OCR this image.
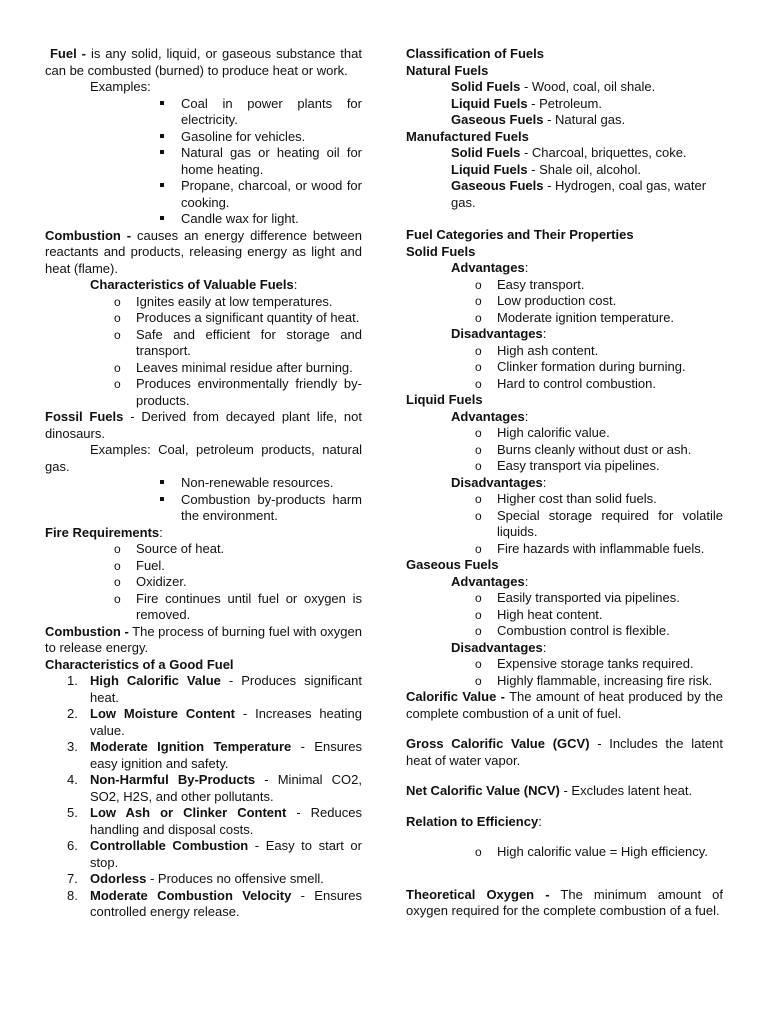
Fuel - is any solid, liquid, or gaseous substance that can be combusted (burned) to produce heat or work.

Examples:

Coal in power plants for electricity.
Gasoline for vehicles.
Natural gas or heating oil for home heating.
Propane, charcoal, or wood for cooking.
Candle wax for light.

Combustion - causes an energy difference between reactants and products, releasing energy as light and heat (flame).

Characteristics of Valuable Fuels:

o Ignites easily at low temperatures.
o Produces a significant quantity of heat.
o Safe and efficient for storage and transport.
o Leaves minimal residue after burning.
o Produces environmentally friendly by-products.

Fossil Fuels - Derived from decayed plant life, not dinosaurs.

Examples: Coal, petroleum products, natural gas.

Non-renewable resources.
Combustion by-products harm the environment.

Fire Requirements:

o Source of heat.
o Fuel.
o Oxidizer.
o Fire continues until fuel or oxygen is removed.

Combustion - The process of burning fuel with oxygen to release energy.

Characteristics of a Good Fuel

1. High Calorific Value - Produces significant heat.
2. Low Moisture Content - Increases heating value.
3. Moderate Ignition Temperature - Ensures easy ignition and safety.
4. Non-Harmful By-Products - Minimal CO2, SO2, H2S, and other pollutants.
5. Low Ash or Clinker Content - Reduces handling and disposal costs.
6. Controllable Combustion - Easy to start or stop.
7. Odorless - Produces no offensive smell.
8. Moderate Combustion Velocity - Ensures controlled energy release.

Classification of Fuels

Natural Fuels

Solid Fuels - Wood, coal, oil shale.

Liquid Fuels - Petroleum.

Gaseous Fuels - Natural gas.

Manufactured Fuels

Solid Fuels - Charcoal, briquettes, coke.

Liquid Fuels - Shale oil, alcohol.

Gaseous Fuels - Hydrogen, coal gas, water gas.

Fuel Categories and Their Properties

Solid Fuels

Advantages:

o Easy transport.
o Low production cost.
o Moderate ignition temperature.

Disadvantages:

o High ash content.
o Clinker formation during burning.
o Hard to control combustion.

Liquid Fuels

Advantages:

o High calorific value.
o Burns cleanly without dust or ash.
o Easy transport via pipelines.

Disadvantages:

o Higher cost than solid fuels.
o Special storage required for volatile liquids.
o Fire hazards with inflammable fuels.

Gaseous Fuels

Advantages:

o Easily transported via pipelines.
o High heat content.
o Combustion control is flexible.

Disadvantages:

o Expensive storage tanks required.
o Highly flammable, increasing fire risk.

Calorific Value - The amount of heat produced by the complete combustion of a unit of fuel.

Gross Calorific Value (GCV) - Includes the latent heat of water vapor.

Net Calorific Value (NCV) - Excludes latent heat.

Relation to Efficiency:

o High calorific value = High efficiency.

Theoretical Oxygen - The minimum amount of oxygen required for the complete combustion of a fuel.
